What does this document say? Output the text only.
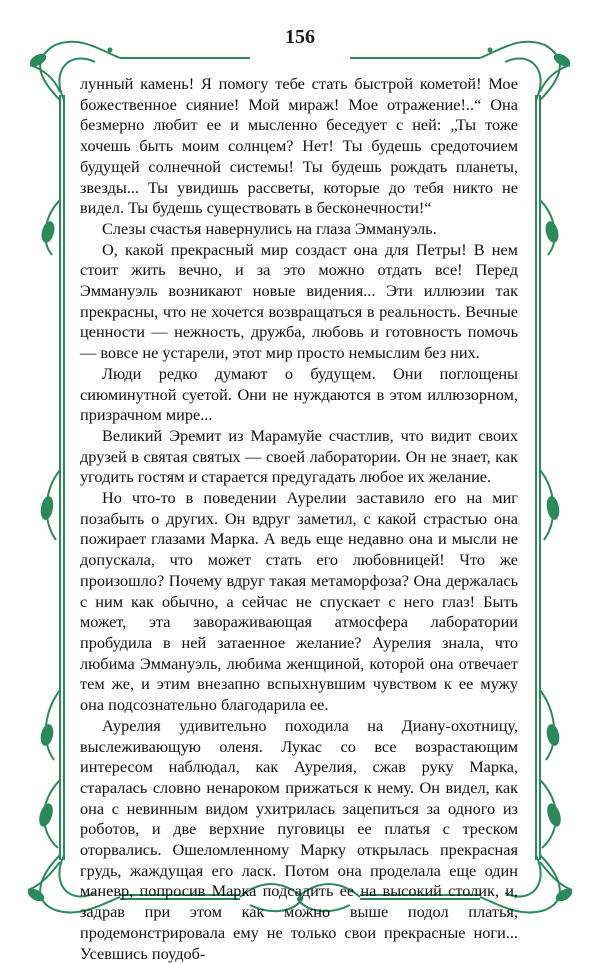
156

лунный камень! Я помогу тебе стать быстрой кометой! Мое божественное сияние! Мой мираж! Мое отражение!..“ Она безмерно любит ее и мысленно беседует с ней: „Ты тоже хочешь быть моим солнцем? Нет! Ты будешь средоточием будущей солнечной системы! Ты будешь рождать планеты, звезды... Ты увидишь рассветы, которые до тебя никто не видел. Ты будешь существовать в бесконечности!“

Слезы счастья навернулись на глаза Эммануэль.

О, какой прекрасный мир создаст она для Петры! В нем стоит жить вечно, и за это можно отдать все! Перед Эммануэль возникают новые видения... Эти иллюзии так прекрасны, что не хочется возвращаться в реальность. Вечные ценности — нежность, дружба, любовь и готовность помочь — вовсе не устарели, этот мир просто немыслим без них.

Люди редко думают о будущем. Они поглощены сиюминутной суетой. Они не нуждаются в этом иллюзорном, призрачном мире...

Великий Эремит из Марамуйе счастлив, что видит своих друзей в святая святых — своей лаборатории. Он не знает, как угодить гостям и старается предугадать любое их желание.

Но что-то в поведении Аурелии заставило его на миг позабыть о других. Он вдруг заметил, с какой страстью она пожирает глазами Марка. А ведь еще недавно она и мысли не допускала, что может стать его любовницей! Что же произошло? Почему вдруг такая метаморфоза? Она держалась с ним как обычно, а сейчас не спускает с него глаз! Быть может, эта завораживающая атмосфера лаборатории пробудила в ней затаенное желание? Аурелия знала, что любима Эммануэль, любима женщиной, которой она отвечает тем же, и этим внезапно вспыхнувшим чувством к ее мужу она подсознательно благодарила ее.

Аурелия удивительно походила на Диану-охотницу, выслеживающую оленя. Лукас со все возрастающим интересом наблюдал, как Аурелия, сжав руку Марка, старалась словно ненароком прижаться к нему. Он видел, как она с невинным видом ухитрилась зацепиться за одного из роботов, и две верхние пуговицы ее платья с треском оторвались. Ошеломленному Марку открылась прекрасная грудь, жаждущая его ласк. Потом она проделала еще один маневр, попросив Марка подсадить ее на высокий столик, и, задрав при этом как можно выше подол платья, продемонстрировала ему не только свои прекрасные ноги... Усевшись поудоб-
